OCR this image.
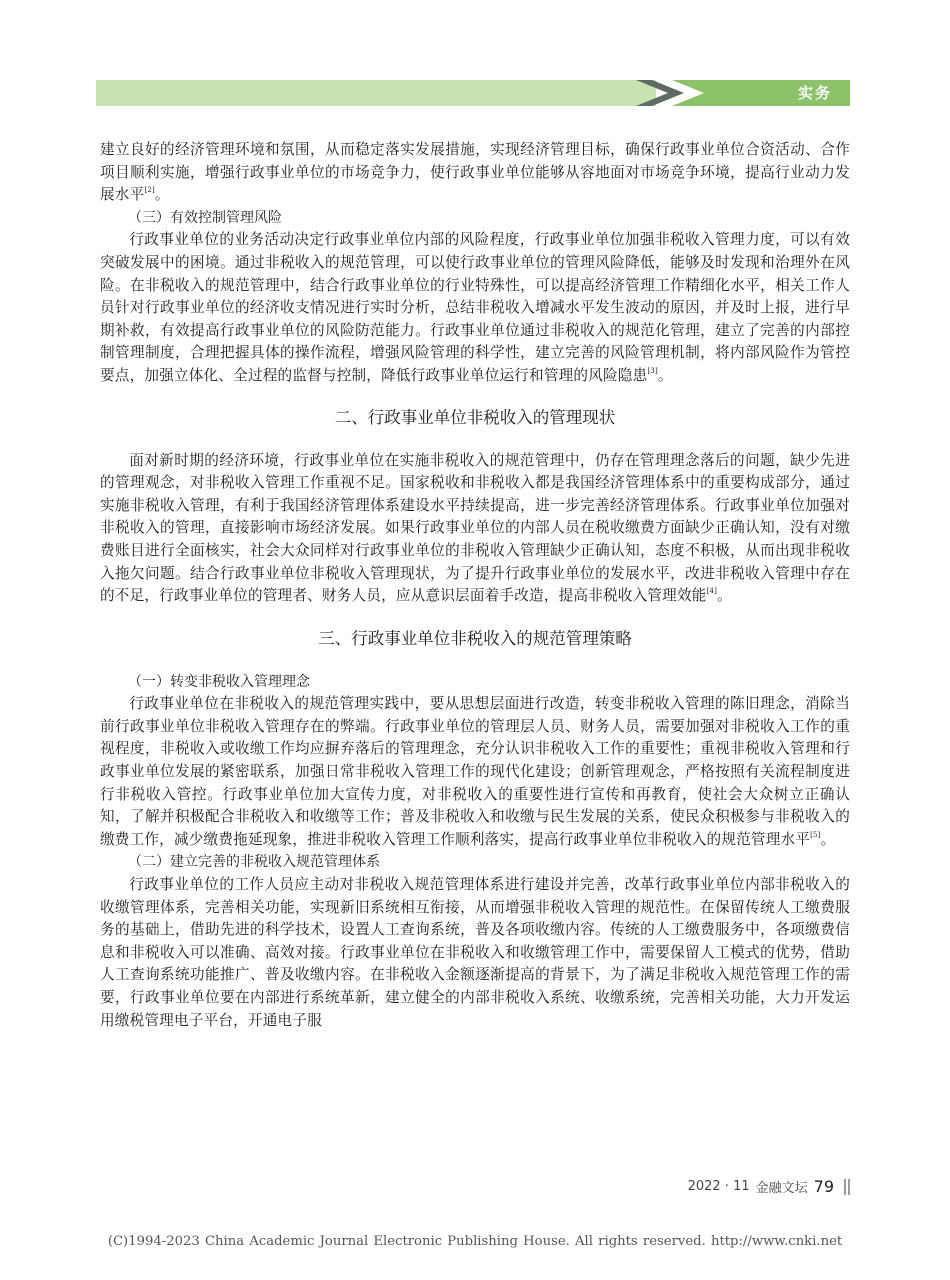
实务

建立良好的经济管理环境和氛围，从而稳定落实发展措施，实现经济管理目标，确保行政事业单位合资活动、合作项目顺利实施，增强行政事业单位的市场竞争力，使行政事业单位能够从容地面对市场竞争环境，提高行业动力发展水平[2]。

（三）有效控制管理风险

行政事业单位的业务活动决定行政事业单位内部的风险程度，行政事业单位加强非税收入管理力度，可以有效突破发展中的困境。通过非税收入的规范管理，可以使行政事业单位的管理风险降低，能够及时发现和治理外在风险。在非税收入的规范管理中，结合行政事业单位的行业特殊性，可以提高经济管理工作精细化水平，相关工作人员针对行政事业单位的经济收支情况进行实时分析，总结非税收入增减水平发生波动的原因，并及时上报，进行早期补救，有效提高行政事业单位的风险防范能力。行政事业单位通过非税收入的规范化管理，建立了完善的内部控制管理制度，合理把握具体的操作流程，增强风险管理的科学性，建立完善的风险管理机制，将内部风险作为管控要点，加强立体化、全过程的监督与控制，降低行政事业单位运行和管理的风险隐患[3]。

二、行政事业单位非税收入的管理现状

面对新时期的经济环境，行政事业单位在实施非税收入的规范管理中，仍存在管理理念落后的问题，缺少先进的管理观念，对非税收入管理工作重视不足。国家税收和非税收入都是我国经济管理体系中的重要构成部分，通过实施非税收入管理，有利于我国经济管理体系建设水平持续提高，进一步完善经济管理体系。行政事业单位加强对非税收入的管理，直接影响市场经济发展。如果行政事业单位的内部人员在税收缴费方面缺少正确认知，没有对缴费账目进行全面核实，社会大众同样对行政事业单位的非税收入管理缺少正确认知，态度不积极，从而出现非税收入拖欠问题。结合行政事业单位非税收入管理现状，为了提升行政事业单位的发展水平，改进非税收入管理中存在的不足，行政事业单位的管理者、财务人员，应从意识层面着手改造，提高非税收入管理效能[4]。

三、行政事业单位非税收入的规范管理策略

（一）转变非税收入管理理念

行政事业单位在非税收入的规范管理实践中，要从思想层面进行改造，转变非税收入管理的陈旧理念，消除当前行政事业单位非税收入管理存在的弊端。行政事业单位的管理层人员、财务人员，需要加强对非税收入工作的重视程度，非税收入或收缴工作均应摒弃落后的管理理念，充分认识非税收入工作的重要性；重视非税收入管理和行政事业单位发展的紧密联系，加强日常非税收入管理工作的现代化建设；创新管理观念，严格按照有关流程制度进行非税收入管控。行政事业单位加大宣传力度，对非税收入的重要性进行宣传和再教育，使社会大众树立正确认知，了解并积极配合非税收入和收缴等工作；普及非税收入和收缴与民生发展的关系，使民众积极参与非税收入的缴费工作，减少缴费拖延现象，推进非税收入管理工作顺利落实，提高行政事业单位非税收入的规范管理水平[5]。

（二）建立完善的非税收入规范管理体系

行政事业单位的工作人员应主动对非税收入规范管理体系进行建设并完善，改革行政事业单位内部非税收入的收缴管理体系，完善相关功能，实现新旧系统相互衔接，从而增强非税收入管理的规范性。在保留传统人工缴费服务的基础上，借助先进的科学技术，设置人工查询系统，普及各项收缴内容。传统的人工缴费服务中，各项缴费信息和非税收入可以准确、高效对接。行政事业单位在非税收入和收缴管理工作中，需要保留人工模式的优势，借助人工查询系统功能推广、普及收缴内容。在非税收入金额逐渐提高的背景下，为了满足非税收入规范管理工作的需要，行政事业单位要在内部进行系统革新，建立健全的内部非税收入系统、收缴系统，完善相关功能，大力开发运用缴税管理电子平台，开通电子服

2022 · 11 金融文坛 79
(C)1994-2023 China Academic Journal Electronic Publishing House. All rights reserved. http://www.cnki.net
